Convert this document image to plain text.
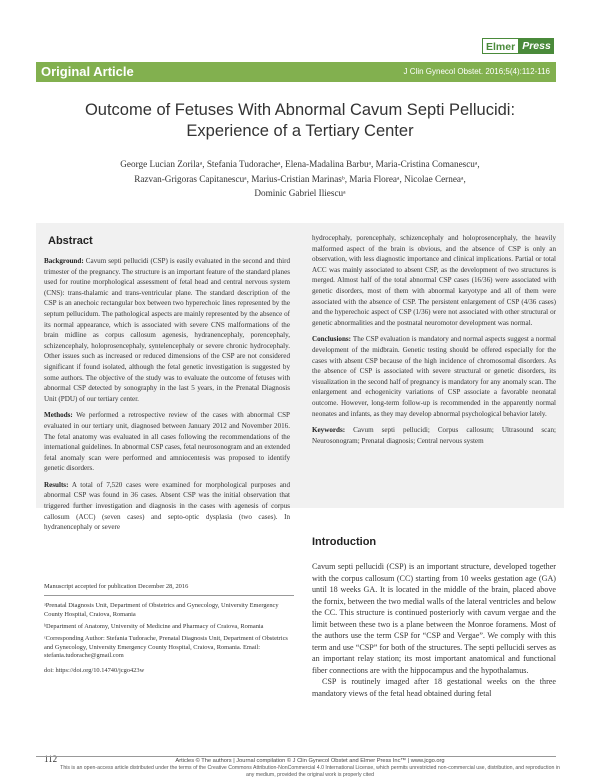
Elmer Press
Original Article	J Clin Gynecol Obstet. 2016;5(4):112-116
Outcome of Fetuses With Abnormal Cavum Septi Pellucidi:
Experience of a Tertiary Center
George Lucian Zorilaᵃ, Stefania Tudoracheᵃ, Elena-Madalina Barbuᵃ, Maria-Cristina Comanescuᵃ,
Razvan-Grigoras Capitanescuᵃ, Marius-Cristian Marinasᵇ, Maria Floreaᵃ, Nicolae Cerneaᵃ,
Dominic Gabriel Iliescuᵃ
Abstract

Background: Cavum septi pellucidi (CSP) is easily evaluated in the second and third trimester of the pregnancy. The structure is an important feature of the standard planes used for routine morphological assessment of fetal head and central nervous system (CNS): trans-thalamic and trans-ventricular plane. The standard description of the CSP is an anechoic rectangular box between two hyperechoic lines represented by the septum pellucidum. The pathological aspects are mainly represented by the absence of its normal appearance, which is associated with severe CNS malformations of the brain midline as corpus callosum agenesis, hydranencephaly, porencephaly, schizencephaly, holoprosencephaly, syntelencephaly or severe chronic hydrocephaly. Other issues such as increased or reduced dimensions of the CSP are not considered significant if found isolated, although the fetal genetic investigation is suggested by some authors. The objective of the study was to evaluate the outcome of fetuses with abnormal CSP detected by sonography in the last 5 years, in the Prenatal Diagnosis Unit (PDU) of our tertiary center.

Methods: We performed a retrospective review of the cases with abnormal CSP evaluated in our tertiary unit, diagnosed between January 2012 and November 2016. The fetal anatomy was evaluated in all cases following the recommendations of the international guidelines. In abnormal CSP cases, fetal neurosonogram and an extended fetal anomaly scan were performed and amniocentesis was proposed to identify genetic disorders.

Results: A total of 7,520 cases were examined for morphological purposes and abnormal CSP was found in 36 cases. Absent CSP was the initial observation that triggered further investigation and diagnosis in the cases with agenesis of corpus callosum (ACC) (seven cases) and septo-optic dysplasia (two cases). In hydranencephaly or severe

hydrocephaly, porencephaly, schizencephaly and holoprosencephaly, the heavily malformed aspect of the brain is obvious, and the absence of CSP is only an observation, with less diagnostic importance and clinical implications. Partial or total ACC was mainly associated to absent CSP, as the development of two structures is merged. Almost half of the total abnormal CSP cases (16/36) were associated with genetic disorders, most of them with abnormal karyotype and all of them were associated with the absence of CSP. The persistent enlargement of CSP (4/36 cases) and the hyperechoic aspect of CSP (1/36) were not associated with other structural or genetic abnormalities and the postnatal neuromotor development was normal.

Conclusions: The CSP evaluation is mandatory and normal aspects suggest a normal development of the midbrain. Genetic testing should be offered especially for the cases with absent CSP because of the high incidence of chromosomal disorders. As the absence of CSP is associated with severe structural or genetic disorders, its visualization in the second half of pregnancy is mandatory for any anomaly scan. The enlargement and echogenicity variations of CSP associate a favorable neonatal outcome. However, long-term follow-up is recommended in the apparently normal neonates and infants, as they may develop abnormal psychological behavior lately.

Keywords: Cavum septi pellucidi; Corpus callosum; Ultrasound scan; Neurosonogram; Prenatal diagnosis; Central nervous system

Introduction

Cavum septi pellucidi (CSP) is an important structure, developed together with the corpus callosum (CC) starting from 10 weeks gestation age (GA) until 18 weeks GA. It is located in the middle of the brain, placed above the fornix, between the two medial walls of the lateral ventricles and below the CC. This structure is continued posteriorly with cavum vergae and the limit between these two is a plane between the Monroe foramens. Most of the authors use the term CSP for “CSP and Vergae”. We comply with this term and use “CSP” for both of the structures. The septi pellucidi serves as an important relay station; its most important anatomical and functional fiber connections are with the hippocampus and the hypothalamus.

CSP is routinely imaged after 18 gestational weeks on the three mandatory views of the fetal head obtained during fetal

Manuscript accepted for publication December 28, 2016

ᵃPrenatal Diagnosis Unit, Department of Obstetrics and Gynecology, University Emergency County Hospital, Craiova, Romania

ᵇDepartment of Anatomy, University of Medicine and Pharmacy of Craiova, Romania

ᶜCorresponding Author: Stefania Tudorache, Prenatal Diagnosis Unit, Department of Obstetrics and Gynecology, University Emergency County Hospital, Craiova, Romania. Email: stefania.tudorache@gmail.com

doi: https://doi.org/10.14740/jcgo423w

112	Articles © The authors | Journal compilation © J Clin Gynecol Obstet and Elmer Press Inc™ | www.jcgo.org
This is an open-access article distributed under the terms of the Creative Commons Attribution-NonCommercial 4.0 International License, which permits unrestricted non-commercial use, distribution, and reproduction in any medium, provided the original work is properly cited
